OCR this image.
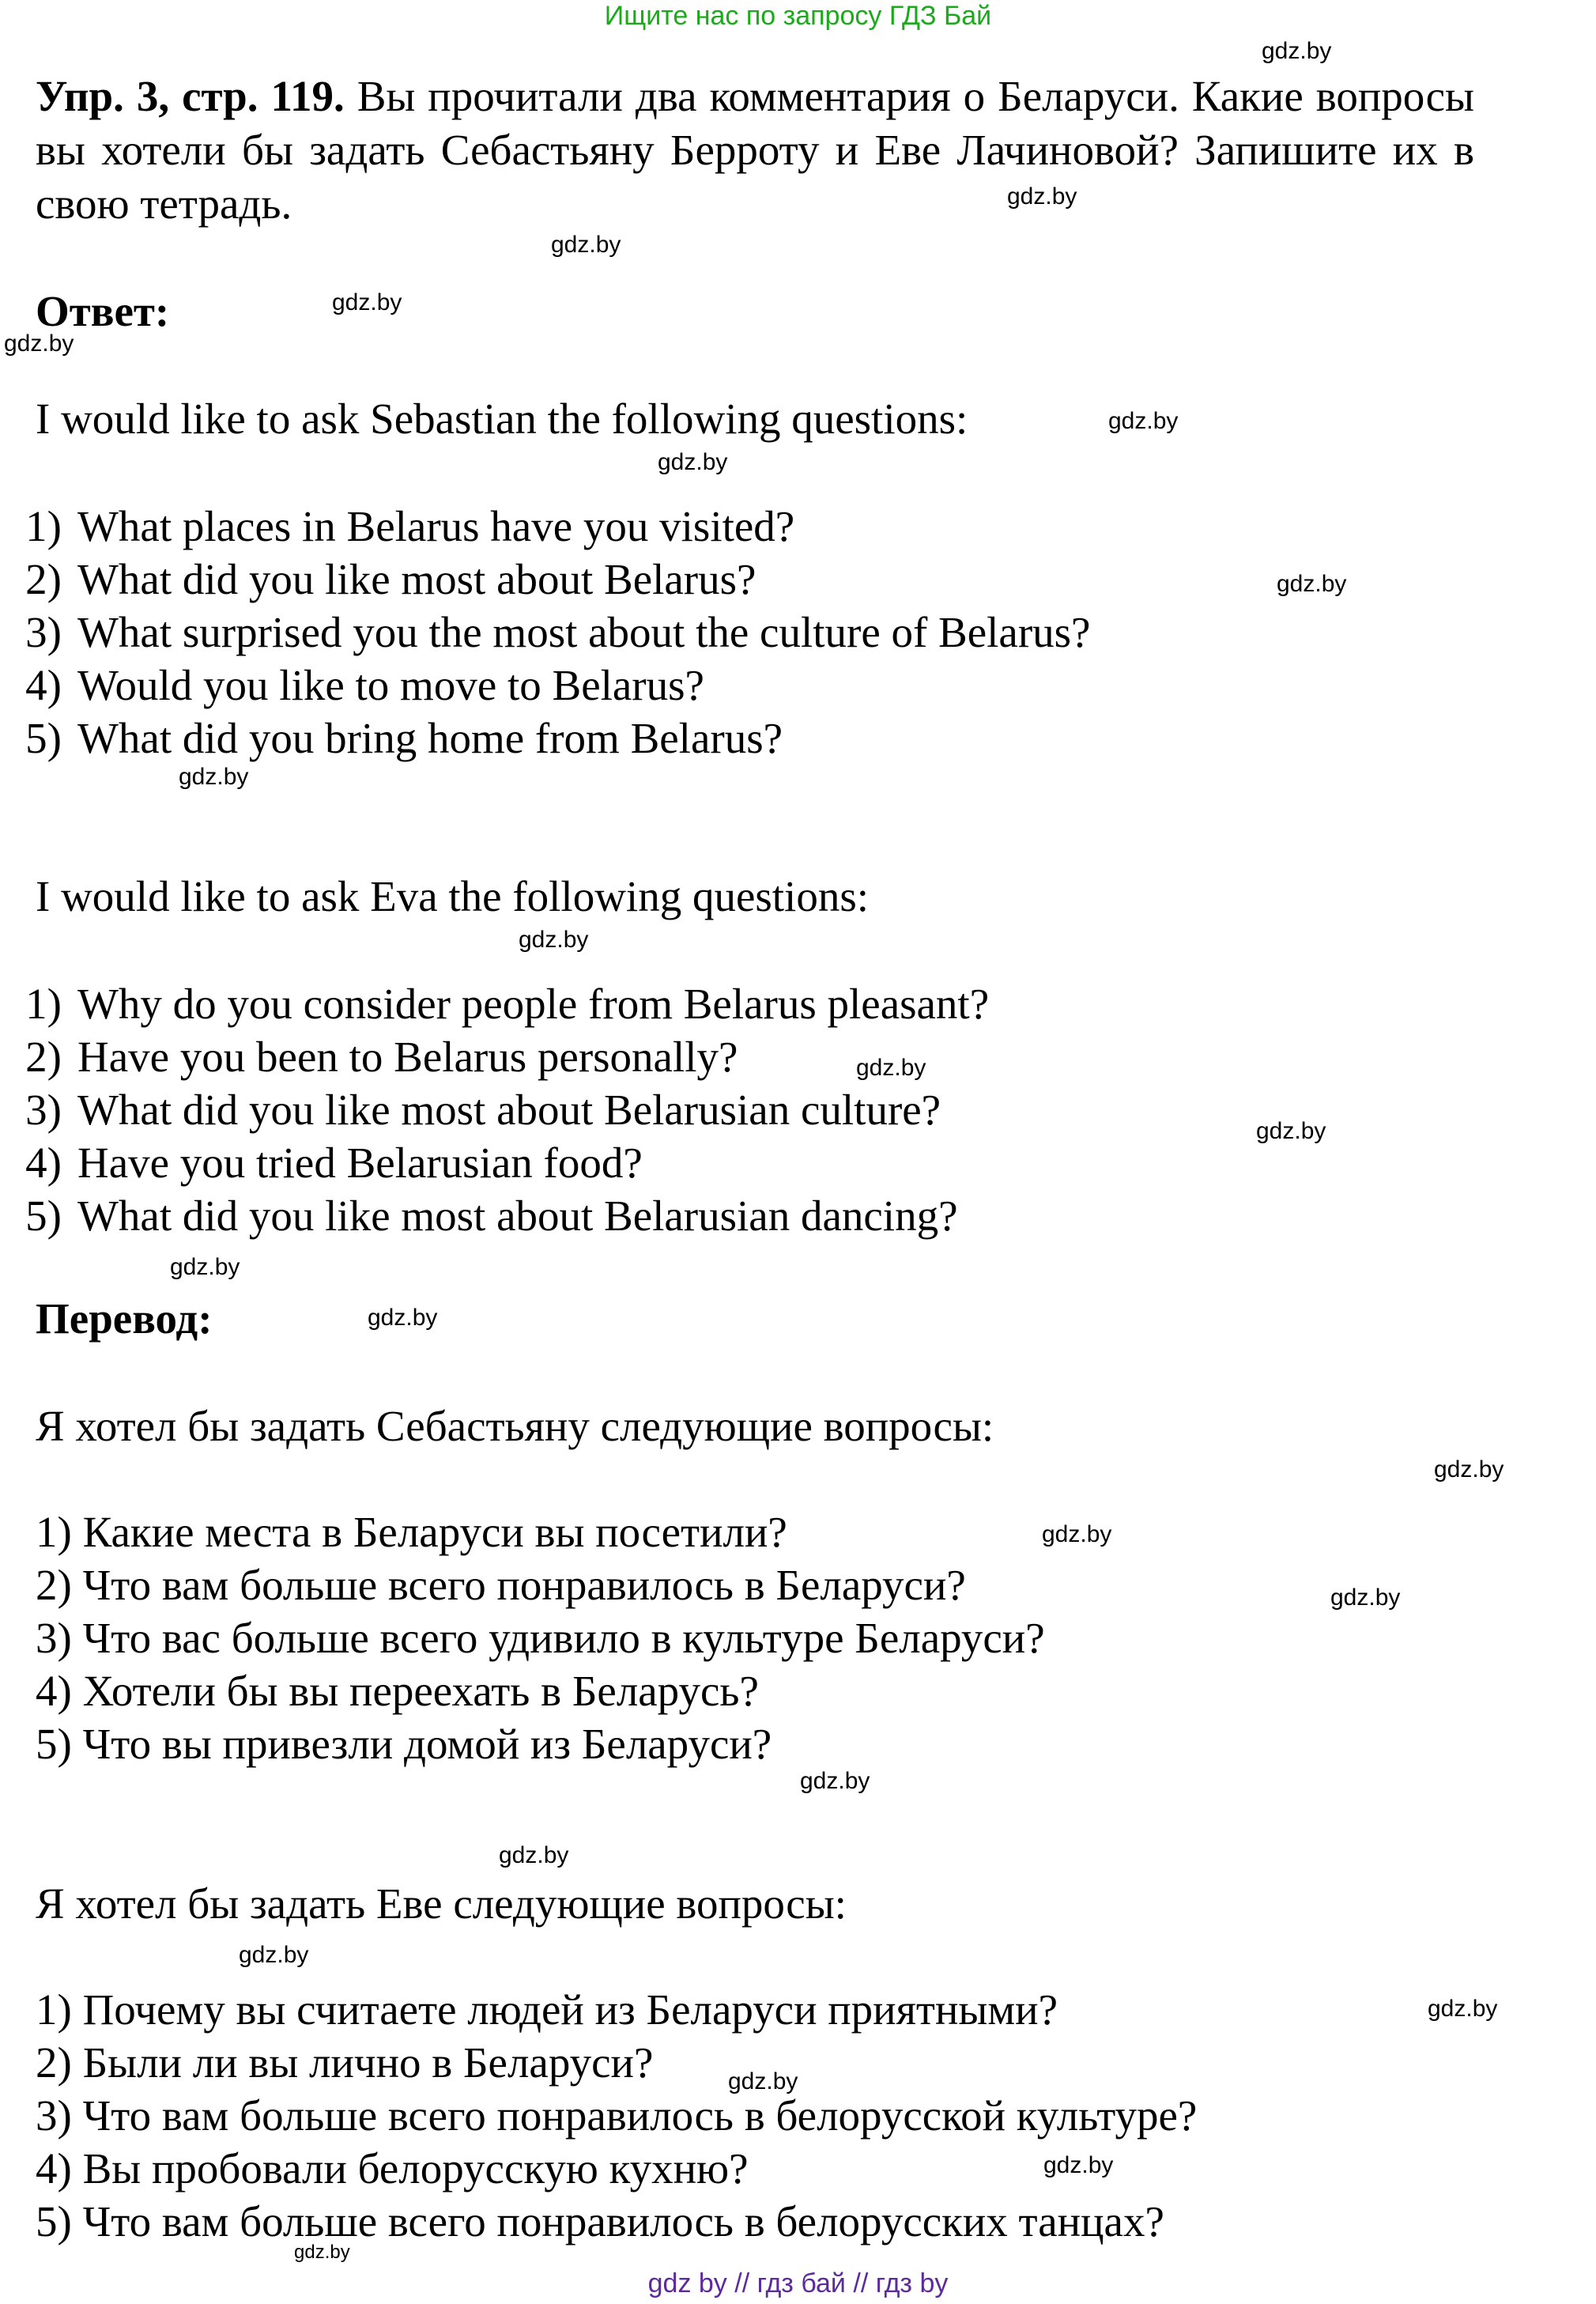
Ищите нас по запросу ГДЗ Бай
Упр. 3, стр. 119. Вы прочитали два комментария о Беларуси. Какие вопросы вы хотели бы задать Себастьяну Берроту и Еве Лачиновой? Запишите их в свою тетрадь.
Ответ:
I would like to ask Sebastian the following questions:
1) What places in Belarus have you visited?
2) What did you like most about Belarus?
3) What surprised you the most about the culture of Belarus?
4) Would you like to move to Belarus?
5) What did you bring home from Belarus?
I would like to ask Eva the following questions:
1) Why do you consider people from Belarus pleasant?
2) Have you been to Belarus personally?
3) What did you like most about Belarusian culture?
4) Have you tried Belarusian food?
5) What did you like most about Belarusian dancing?
Перевод:
Я хотел бы задать Себастьяну следующие вопросы:
1) Какие места в Беларуси вы посетили?
2) Что вам больше всего понравилось в Беларуси?
3) Что вас больше всего удивило в культуре Беларуси?
4) Хотели бы вы переехать в Беларусь?
5) Что вы привезли домой из Беларуси?
Я хотел бы задать Еве следующие вопросы:
1) Почему вы считаете людей из Беларуси приятными?
2) Были ли вы лично в Беларуси?
3) Что вам больше всего понравилось в белорусской культуре?
4) Вы пробовали белорусскую кухню?
5) Что вам больше всего понравилось в белорусских танцах?
gdz.by
gdz.by
gdz.by
gdz.by
gdz.by
gdz.by
gdz.by
gdz.by
gdz.by
gdz.by
gdz.by
gdz.by
gdz.by
gdz.by
gdz.by
gdz.by
gdz.by
gdz.by
gdz.by
gdz.by
gdz.by
gdz.by
gdz.by
gdz.by
gdz by // гдз бай // гдз by
